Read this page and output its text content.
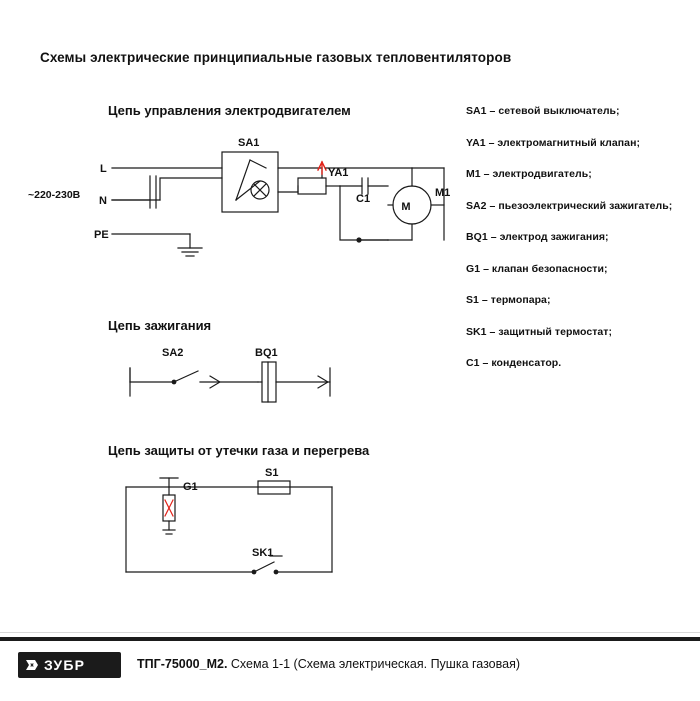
Схемы электрические принципиальные газовых тепловентиляторов
Цепь управления электродвигателем
Цепь зажигания
Цепь защиты от утечки газа и перегрева
~220-230В
L
N
PE
SA1
YA1
C1	M1
M
SA2	BQ1
G1
S1
SK1
SA1 – сетевой выключатель;
YA1 – электромагнитный клапан;
M1 – электродвигатель;
SA2 – пьезоэлектрический зажигатель;
BQ1 – электрод зажигания;
G1 – клапан безопасности;
S1 – термопара;
SK1 – защитный термостат;
C1 – конденсатор.
ЗУБР	ТПГ-75000_М2. Схема 1-1 (Схема электрическая. Пушка газовая)
